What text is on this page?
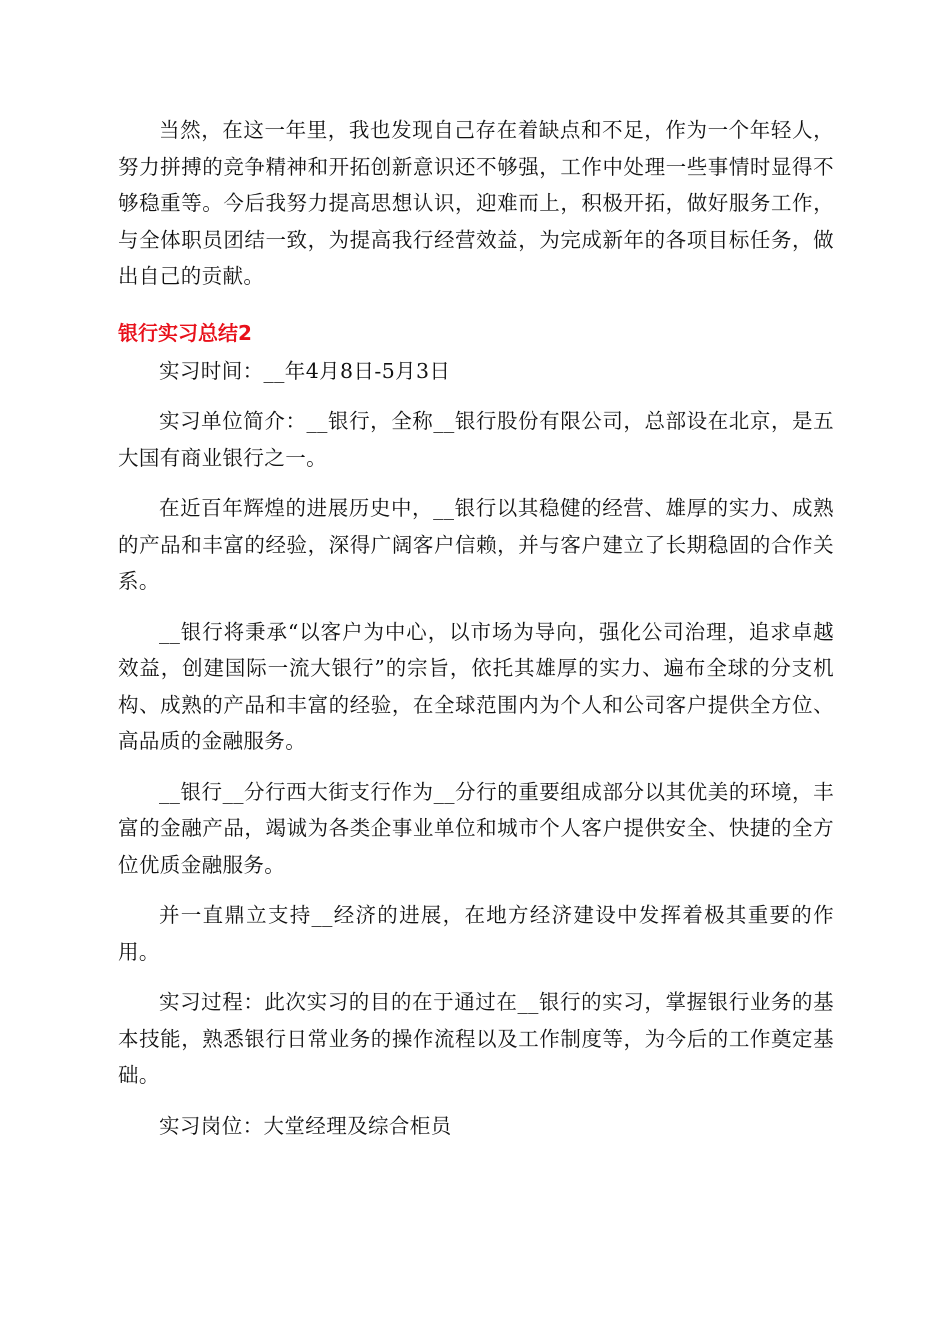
当然，在这一年里，我也发现自己存在着缺点和不足，作为一个年轻人，努力拼搏的竞争精神和开拓创新意识还不够强，工作中处理一些事情时显得不够稳重等。今后我努力提高思想认识，迎难而上，积极开拓，做好服务工作，与全体职员团结一致，为提高我行经营效益，为完成新年的各项目标任务，做出自己的贡献。

银行实习总结2

实习时间：__年4月8日-5月3日

实习单位简介：__银行，全称__银行股份有限公司，总部设在北京，是五大国有商业银行之一。

在近百年辉煌的进展历史中，__银行以其稳健的经营、雄厚的实力、成熟的产品和丰富的经验，深得广阔客户信赖，并与客户建立了长期稳固的合作关系。

__银行将秉承“以客户为中心，以市场为导向，强化公司治理，追求卓越效益，创建国际一流大银行”的宗旨，依托其雄厚的实力、遍布全球的分支机构、成熟的产品和丰富的经验，在全球范围内为个人和公司客户提供全方位、高品质的金融服务。

__银行__分行西大街支行作为__分行的重要组成部分以其优美的环境，丰富的金融产品，竭诚为各类企事业单位和城市个人客户提供安全、快捷的全方位优质金融服务。

并一直鼎立支持__经济的进展，在地方经济建设中发挥着极其重要的作用。

实习过程：此次实习的目的在于通过在__银行的实习，掌握银行业务的基本技能，熟悉银行日常业务的操作流程以及工作制度等，为今后的工作奠定基础。

实习岗位：大堂经理及综合柜员
